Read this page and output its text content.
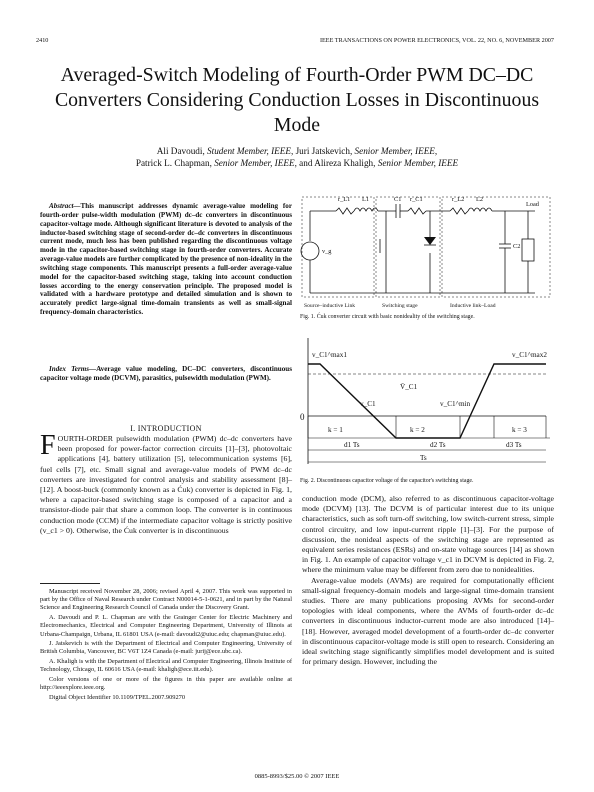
2410	IEEE TRANSACTIONS ON POWER ELECTRONICS, VOL. 22, NO. 6, NOVEMBER 2007
Averaged-Switch Modeling of Fourth-Order PWM DC–DC Converters Considering Conduction Losses in Discontinuous Mode
Ali Davoudi, Student Member, IEEE, Juri Jatskevich, Senior Member, IEEE,
Patrick L. Chapman, Senior Member, IEEE, and Alireza Khaligh, Senior Member, IEEE

Abstract—This manuscript addresses dynamic average-value modeling for fourth-order pulse-width modulation (PWM) dc–dc converters in discontinuous capacitor-voltage mode. Although significant literature is devoted to analysis of the inductor-based switching stage of second-order dc–dc converters in discontinuous current mode, much less has been published regarding the discontinuous voltage mode in the capacitor-based switching stage in fourth-order converters. Accurate average-value models are further complicated by the presence of non-ideality in the switching stage components. This manuscript presents a full-order average-value model for the capacitor-based switching stage, taking into account conduction losses according to the energy conservation principle. The proposed model is validated with a hardware prototype and detailed simulation and is shown to accurately predict large-signal time-domain transients as well as small-signal frequency-domain characteristics.

Index Terms—Average value modeling, DC–DC converters, discontinuous capacitor voltage mode (DCVM), parasitics, pulsewidth modulation (PWM).

I. INTRODUCTION

FOURTH-ORDER pulsewidth modulation (PWM) dc–dc converters have been proposed for power-factor correction circuits [1]–[3], photovoltaic applications [4], battery utilization [5], telecommunication systems [6], fuel cells [7], etc. Small signal and average-value models of PWM dc–dc converters are investigated for control analysis and stability assessment [8]–[12]. A boost-buck (commonly known as a Ćuk) converter is depicted in Fig. 1, where a capacitor-based switching stage is composed of a capacitor and a transistor-diode pair that share a common loop. The converter is in continuous conduction mode (CCM) if the intermediate capacitor voltage is strictly positive (v_c1 > 0). Otherwise, the Ćuk converter is in discontinuous

Manuscript received November 28, 2006; revised April 4, 2007. This work was supported in part by the Office of Naval Research under Contract N00014-5-1-0621, and in part by the Natural Science and Engineering Research Council of Canada under the Discovery Grant.

A. Davoudi and P. L. Chapman are with the Grainger Center for Electric Machinery and Electromechanics, Electrical and Computer Engineering Department, University of Illinois at Urbana-Champaign, Urbana, IL 61801 USA (e-mail: davoudi2@uiuc.edu; chapman@uiuc.edu).

J. Jatskevich is with the Department of Electrical and Computer Engineering, University of British Columbia, Vancouver, BC V6T 1Z4 Canada (e-mail: jurij@ece.ubc.ca).

A. Khaligh is with the Department of Electrical and Computer Engineering, Illinois Institute of Technology, Chicago, IL 60616 USA (e-mail: khaligh@ece.iit.edu).

Color versions of one or more of the figures in this paper are available online at http://ieeexplore.ieee.org.

Digital Object Identifier 10.1109/TPEL.2007.909270

r_L1 L1	C1 r_C1	r_L2 L2
Load
v_g
C2
Source–inductive Link	Switching stage	Inductive link–Load
Fig. 1. Ćuk converter circuit with basic nonideality of the switching stage.
v_C1^max1	v_C1^max2
V̄_C1
v_C1	v_C1^min
0
k = 1	k = 2	k = 3
d1 Ts	d2 Ts	d3 Ts
Ts
Fig. 2. Discontinuous capacitor voltage of the capacitor's switching stage.

conduction mode (DCM), also referred to as discontinuous capacitor-voltage mode (DCVM) [13]. The DCVM is of particular interest due to its unique characteristics, such as soft turn-off switching, low switch-current stress, simple control circuitry, and low input-current ripple [1]–[3]. For the purpose of discussion, the nonideal aspects of the switching stage are represented as equivalent series resistances (ESRs) and on-state voltage sources [14] as shown in Fig. 1. An example of capacitor voltage v_c1 in DCVM is depicted in Fig. 2, where the minimum value may be different from zero due to nonidealities.

Average-value models (AVMs) are required for computationally efficient small-signal frequency-domain models and large-signal time-domain transient studies. There are many publications proposing AVMs for second-order topologies with ideal components, where the AVMs of fourth-order dc–dc converters in discontinuous inductor-current mode are also introduced [14]–[18]. However, averaged model development of a fourth-order dc–dc converter in discontinuous capacitor-voltage mode is still open to research. Considering an ideal switching stage significantly simplifies model development and is suited for primary design. However, including the

0885-8993/$25.00 © 2007 IEEE
